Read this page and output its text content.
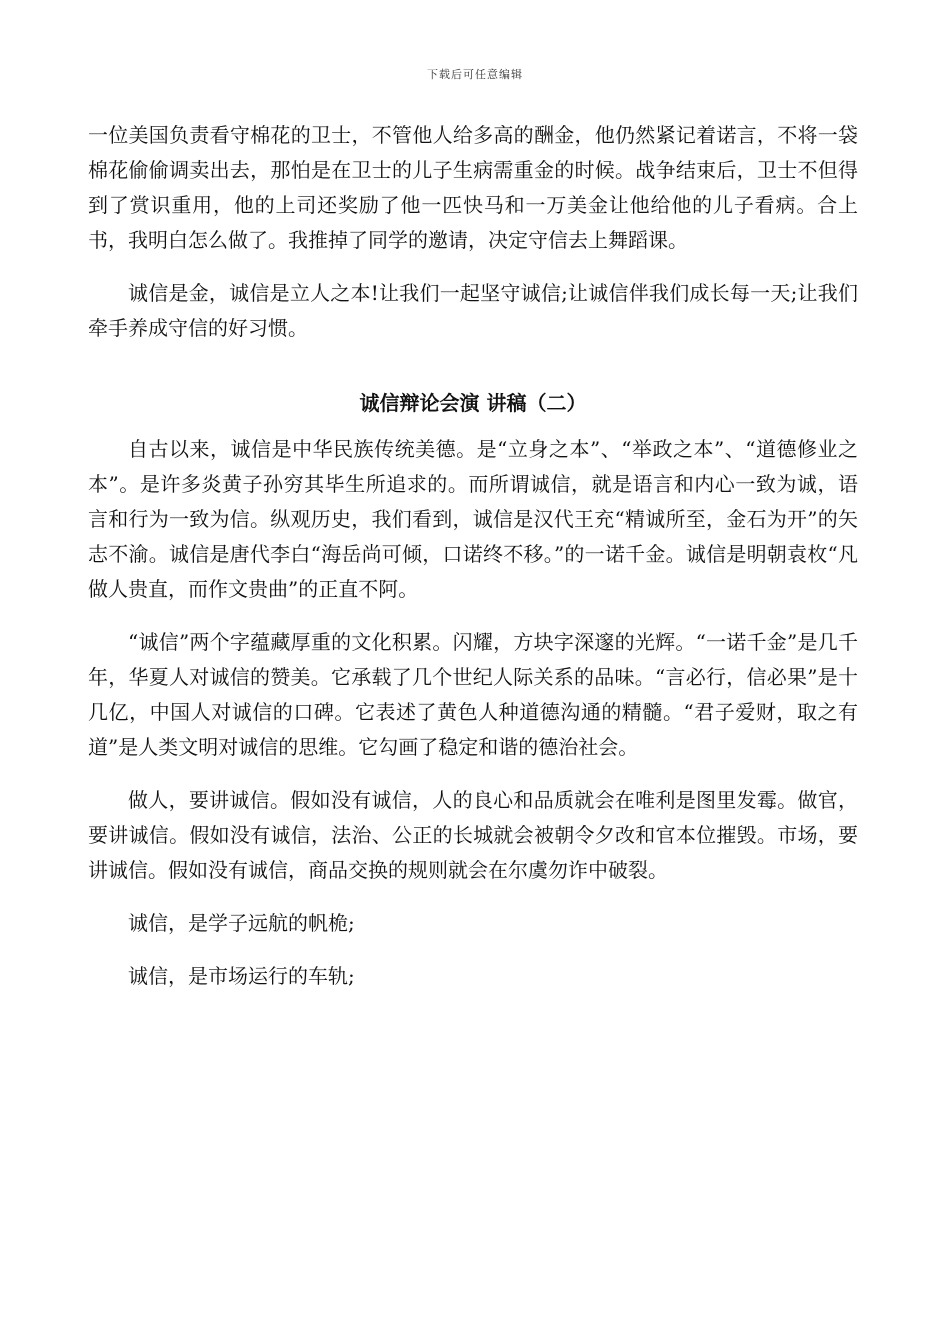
下载后可任意编辑

一位美国负责看守棉花的卫士，不管他人给多高的酬金，他仍然紧记着诺言，不将一袋棉花偷偷调卖出去，那怕是在卫士的儿子生病需重金的时候。战争结束后，卫士不但得到了赏识重用，他的上司还奖励了他一匹快马和一万美金让他给他的儿子看病。合上书，我明白怎么做了。我推掉了同学的邀请，决定守信去上舞蹈课。

诚信是金，诚信是立人之本!让我们一起坚守诚信;让诚信伴我们成长每一天;让我们牵手养成守信的好习惯。

诚信辩论会演 讲稿（二）

自古以来，诚信是中华民族传统美德。是“立身之本”、“举政之本”、“道德修业之本”。是许多炎黄子孙穷其毕生所追求的。而所谓诚信，就是语言和内心一致为诚，语言和行为一致为信。纵观历史，我们看到，诚信是汉代王充“精诚所至，金石为开”的矢志不渝。诚信是唐代李白“海岳尚可倾，口诺终不移。”的一诺千金。诚信是明朝袁枚“凡做人贵直，而作文贵曲”的正直不阿。

“诚信”两个字蕴藏厚重的文化积累。闪耀，方块字深邃的光辉。“一诺千金”是几千年，华夏人对诚信的赞美。它承载了几个世纪人际关系的品味。“言必行，信必果”是十几亿，中国人对诚信的口碑。它表述了黄色人种道德沟通的精髓。“君子爱财，取之有道”是人类文明对诚信的思维。它勾画了稳定和谐的德治社会。

做人，要讲诚信。假如没有诚信，人的良心和品质就会在唯利是图里发霉。做官，要讲诚信。假如没有诚信，法治、公正的长城就会被朝令夕改和官本位摧毁。市场，要讲诚信。假如没有诚信，商品交换的规则就会在尔虞勿诈中破裂。

诚信，是学子远航的帆桅;

诚信，是市场运行的车轨;
